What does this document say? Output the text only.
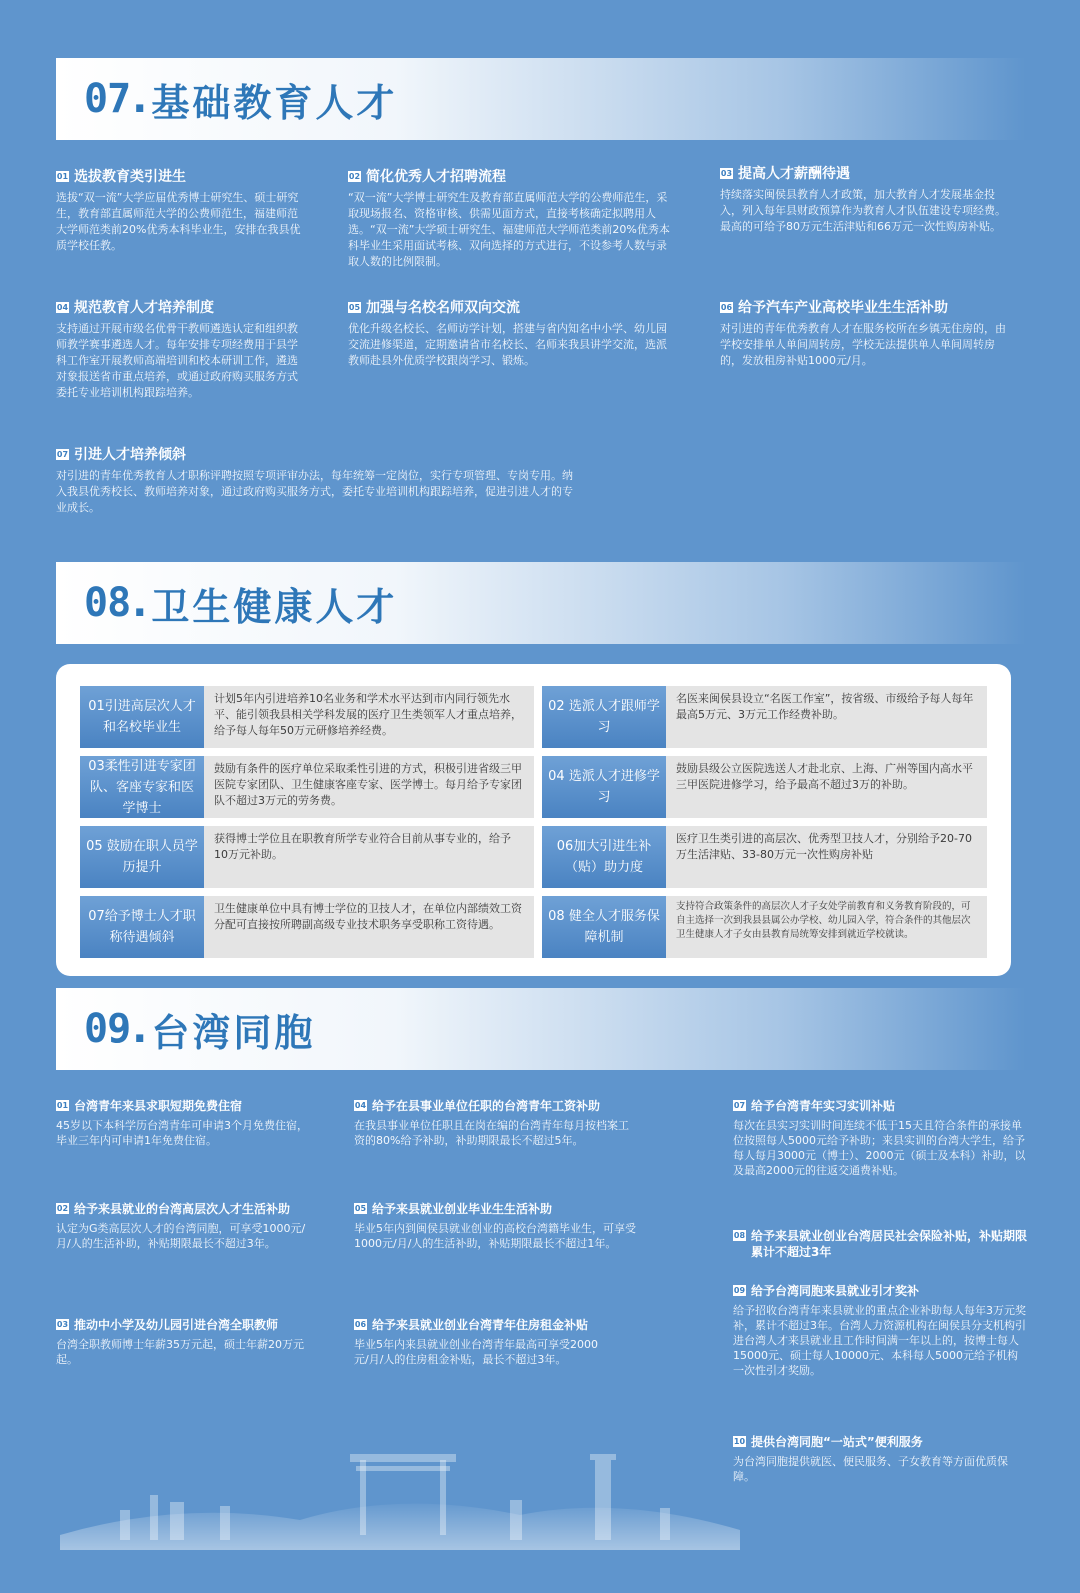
07 . 基础教育人才
01 选拔教育类引进生
选拔“双一流”大学应届优秀博士研究生、硕士研究生，教育部直属师范大学的公费师范生，福建师范大学师范类前20%优秀本科毕业生，安排在我县优质学校任教。
02 简化优秀人才招聘流程
“双一流”大学博士研究生及教育部直属师范大学的公费师范生，采取现场报名、资格审核、供需见面方式，直接考核确定拟聘用人选。“双一流”大学硕士研究生、福建师范大学师范类前20%优秀本科毕业生采用面试考核、双向选择的方式进行，不设参考人数与录取人数的比例限制。
03 提高人才薪酬待遇
持续落实闽侯县教育人才政策，加大教育人才发展基金投入，列入每年县财政预算作为教育人才队伍建设专项经费。最高的可给予80万元生活津贴和66万元一次性购房补贴。
04 规范教育人才培养制度
支持通过开展市级名优骨干教师遴选认定和组织教师教学赛事遴选人才。每年安排专项经费用于县学科工作室开展教师高端培训和校本研训工作，遴选对象报送省市重点培养，或通过政府购买服务方式委托专业培训机构跟踪培养。
05 加强与名校名师双向交流
优化升级名校长、名师访学计划，搭建与省内知名中小学、幼儿园交流进修渠道，定期邀请省市名校长、名师来我县讲学交流，选派教师赴县外优质学校跟岗学习、锻炼。
06 给予汽车产业高校毕业生生活补助
对引进的青年优秀教育人才在服务校所在乡镇无住房的，由学校安排单人单间周转房，学校无法提供单人单间周转房的，发放租房补贴1000元/月。
07 引进人才培养倾斜
对引进的青年优秀教育人才职称评聘按照专项评审办法，每年统筹一定岗位，实行专项管理、专岗专用。纳入我县优秀校长、教师培养对象，通过政府购买服务方式，委托专业培训机构跟踪培养，促进引进人才的专业成长。
08 . 卫生健康人才
01引进高层次人才和名校毕业生
计划5年内引进培养10名业务和学术水平达到市内同行领先水平、能引领我县相关学科发展的医疗卫生类领军人才重点培养，给予每人每年50万元研修培养经费。
02 选派人才跟师学习
名医来闽侯县设立“名医工作室”，按省级、市级给予每人每年最高5万元、3万元工作经费补助。
03柔性引进专家团队、客座专家和医学博士
鼓励有条件的医疗单位采取柔性引进的方式，积极引进省级三甲医院专家团队、卫生健康客座专家、医学博士。每月给予专家团队不超过3万元的劳务费。
04 选派人才进修学习
鼓励县级公立医院选送人才赴北京、上海、广州等国内高水平三甲医院进修学习，给予最高不超过3万的补助。
05 鼓励在职人员学历提升
获得博士学位且在职教育所学专业符合目前从事专业的，给予10万元补助。
06加大引进生补（贴）助力度
医疗卫生类引进的高层次、优秀型卫技人才，分别给予20-70万生活津贴、33-80万元一次性购房补贴
07给予博士人才职称待遇倾斜
卫生健康单位中具有博士学位的卫技人才，在单位内部绩效工资分配可直接按所聘副高级专业技术职务享受职称工资待遇。
08 健全人才服务保障机制
支持符合政策条件的高层次人才子女处学前教育和义务教育阶段的，可自主选择一次到我县县属公办学校、幼儿园入学，符合条件的其他层次卫生健康人才子女由县教育局统筹安排到就近学校就读。
09 . 台湾同胞
01 台湾青年来县求职短期免费住宿
45岁以下本科学历台湾青年可申请3个月免费住宿，毕业三年内可申请1年免费住宿。
02 给予来县就业的台湾高层次人才生活补助
认定为G类高层次人才的台湾同胞，可享受1000元/月/人的生活补助，补贴期限最长不超过3年。
03 推动中小学及幼儿园引进台湾全职教师
台湾全职教师博士年薪35万元起，硕士年薪20万元起。
04 给予在县事业单位任职的台湾青年工资补助
在我县事业单位任职且在岗在编的台湾青年每月按档案工资的80%给予补助，补助期限最长不超过5年。
05 给予来县就业创业毕业生生活补助
毕业5年内到闽侯县就业创业的高校台湾籍毕业生，可享受1000元/月/人的生活补助，补贴期限最长不超过1年。
06 给予来县就业创业台湾青年住房租金补贴
毕业5年内来县就业创业台湾青年最高可享受2000元/月/人的住房租金补贴，最长不超过3年。
07 给予台湾青年实习实训补贴
每次在县实习实训时间连续不低于15天且符合条件的承接单位按照每人5000元给予补助；来县实训的台湾大学生，给予每人每月3000元（博士）、2000元（硕士及本科）补助，以及最高2000元的往返交通费补贴。
08 给予来县就业创业台湾居民社会保险补贴，补贴期限累计不超过3年
09 给予台湾同胞来县就业引才奖补
给予招收台湾青年来县就业的重点企业补助每人每年3万元奖补，累计不超过3年。台湾人力资源机构在闽侯县分支机构引进台湾人才来县就业且工作时间满一年以上的，按博士每人15000元、硕士每人10000元、本科每人5000元给予机构一次性引才奖励。
10 提供台湾同胞“一站式”便利服务
为台湾同胞提供就医、便民服务、子女教育等方面优质保障。
